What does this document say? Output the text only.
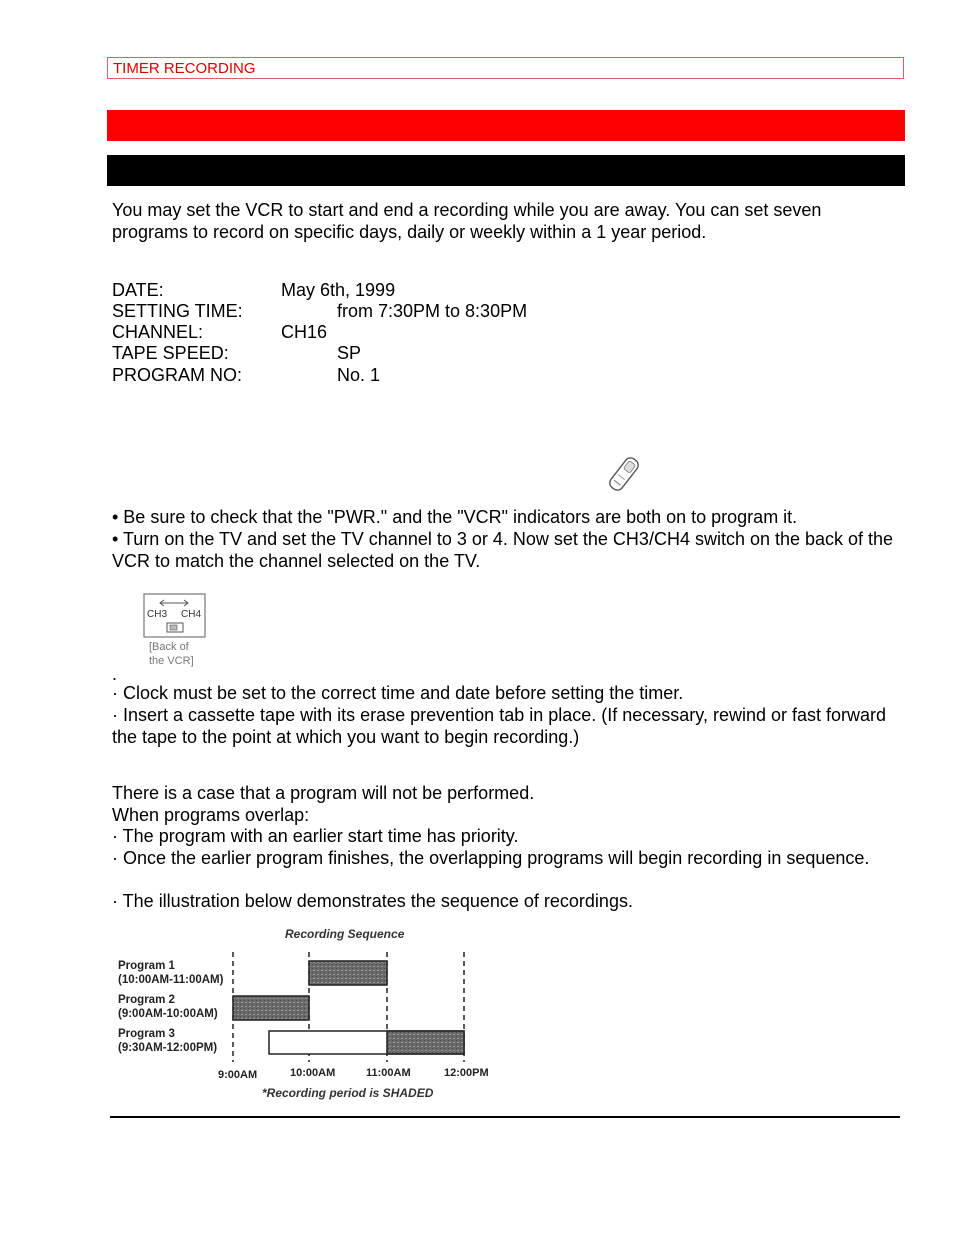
TIMER RECORDING
You may set the VCR to start and end a recording while you are away. You can set seven programs to record on specific days, daily or weekly within a 1 year period.
DATE:	May 6th, 1999
SETTING TIME:	from 7:30PM to 8:30PM
CHANNEL:	CH16
TAPE SPEED:	SP
PROGRAM NO:	No. 1
• Be sure to check that the "PWR." and the "VCR" indicators are both on to program it.
• Turn on the TV and set the TV channel to 3 or 4. Now set the CH3/CH4 switch on the back of the VCR to match the channel selected on the TV.
CH3 CH4
[Back of
the VCR]
.
· Clock must be set to the correct time and date before setting the timer.
· Insert a cassette tape with its erase prevention tab in place. (If necessary, rewind or fast forward the tape to the point at which you want to begin recording.)
There is a case that a program will not be performed.
When programs overlap:
· The program with an earlier start time has priority.
· Once the earlier program finishes, the overlapping programs will begin recording in sequence.
· The illustration below demonstrates the sequence of recordings.
Recording Sequence
Program 1
(10:00AM-11:00AM)
Program 2
(9:00AM-10:00AM)
Program 3
(9:30AM-12:00PM)
9:00AM	10:00AM	11:00AM	12:00PM
*Recording period is SHADED
